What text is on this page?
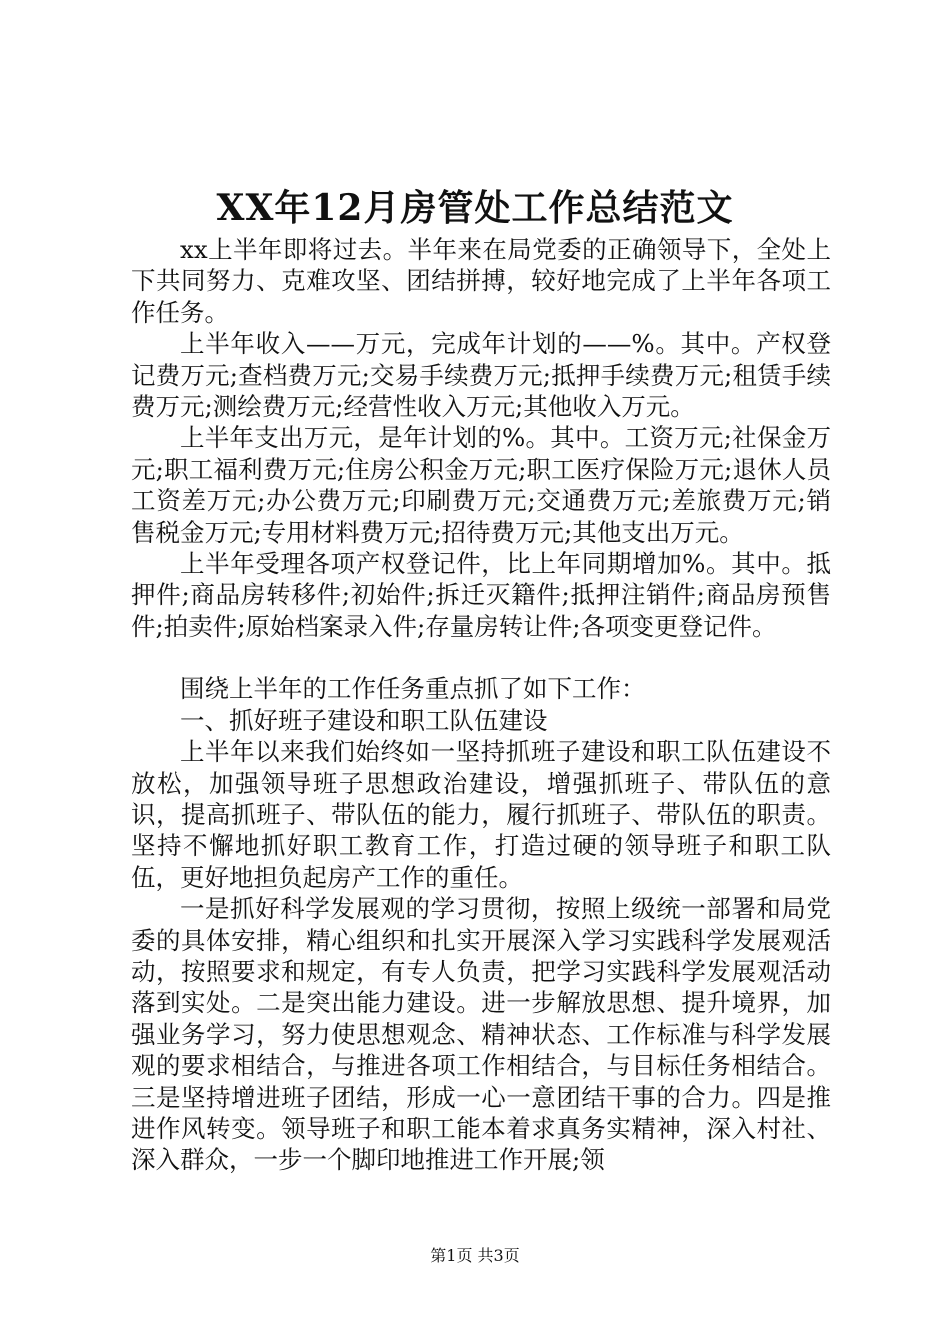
XX年12月房管处工作总结范文

xx上半年即将过去。半年来在局党委的正确领导下，全处上下共同努力、克难攻坚、团结拼搏，较好地完成了上半年各项工作任务。

上半年收入——万元，完成年计划的——%。其中。产权登记费万元;查档费万元;交易手续费万元;抵押手续费万元;租赁手续费万元;测绘费万元;经营性收入万元;其他收入万元。

上半年支出万元，是年计划的%。其中。工资万元;社保金万元;职工福利费万元;住房公积金万元;职工医疗保险万元;退休人员工资差万元;办公费万元;印刷费万元;交通费万元;差旅费万元;销售税金万元;专用材料费万元;招待费万元;其他支出万元。

上半年受理各项产权登记件，比上年同期增加%。其中。抵押件;商品房转移件;初始件;拆迁灭籍件;抵押注销件;商品房预售件;拍卖件;原始档案录入件;存量房转让件;各项变更登记件。

围绕上半年的工作任务重点抓了如下工作：

一、抓好班子建设和职工队伍建设

上半年以来我们始终如一坚持抓班子建设和职工队伍建设不放松，加强领导班子思想政治建设，增强抓班子、带队伍的意识，提高抓班子、带队伍的能力，履行抓班子、带队伍的职责。坚持不懈地抓好职工教育工作，打造过硬的领导班子和职工队伍，更好地担负起房产工作的重任。

一是抓好科学发展观的学习贯彻，按照上级统一部署和局党委的具体安排，精心组织和扎实开展深入学习实践科学发展观活动，按照要求和规定，有专人负责，把学习实践科学发展观活动落到实处。二是突出能力建设。进一步解放思想、提升境界，加强业务学习，努力使思想观念、精神状态、工作标准与科学发展观的要求相结合，与推进各项工作相结合，与目标任务相结合。三是坚持增进班子团结，形成一心一意团结干事的合力。四是推进作风转变。领导班子和职工能本着求真务实精神，深入村社、深入群众，一步一个脚印地推进工作开展;领

第1页 共3页
